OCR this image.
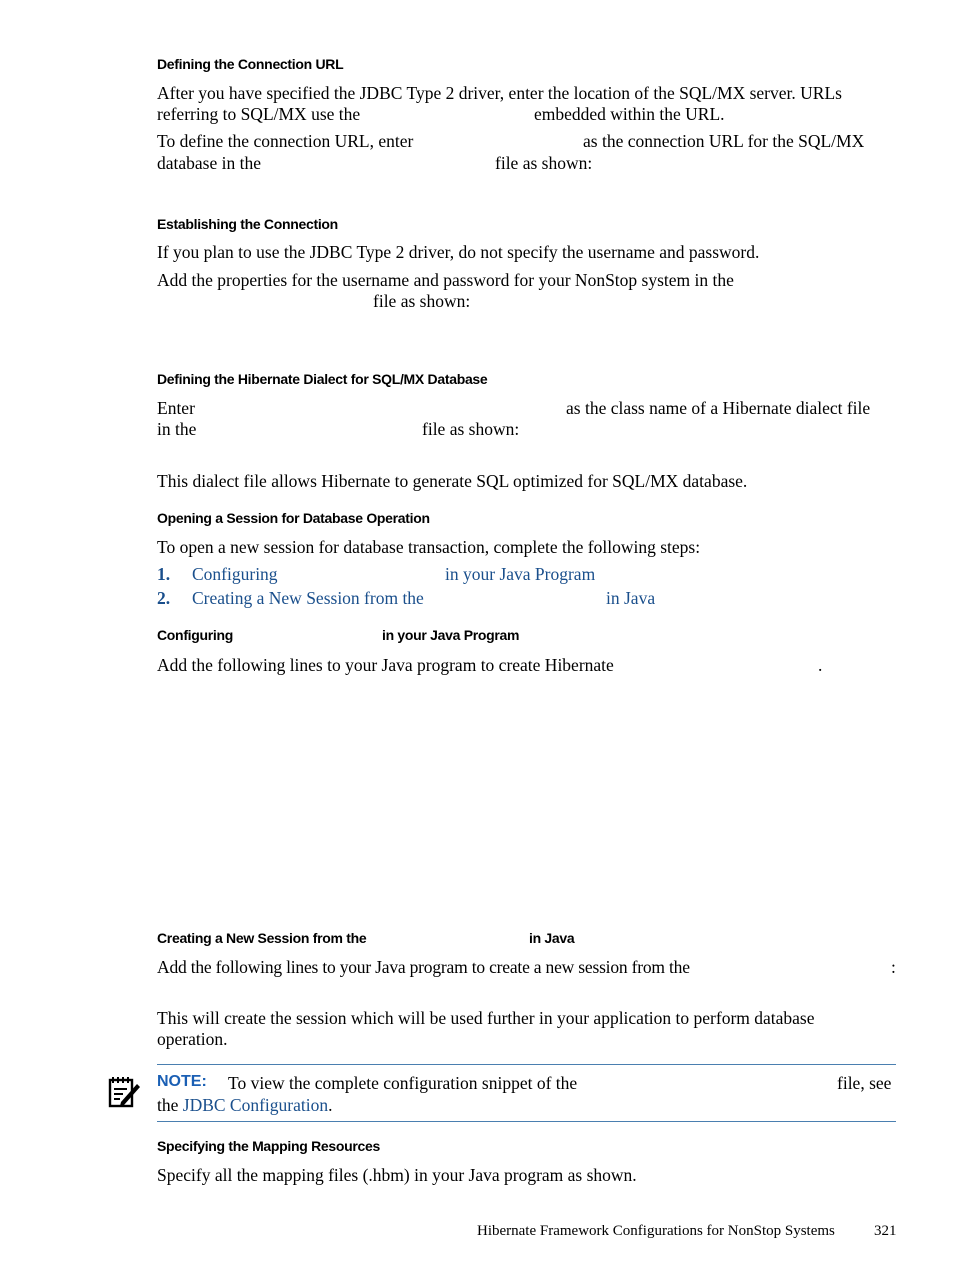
Defining the Connection URL
After you have specified the JDBC Type 2 driver, enter the location of the SQL/MX server. URLs
referring to SQL/MX use the	embedded within the URL.
To define the connection URL, enter	as the connection URL for the SQL/MX
database in the	file as shown:
Establishing the Connection
If you plan to use the JDBC Type 2 driver, do not specify the username and password.
Add the properties for the username and password for your NonStop system in the
file as shown:
Defining the Hibernate Dialect for SQL/MX Database
Enter	as the class name of a Hibernate dialect file
in the	file as shown:
This dialect file allows Hibernate to generate SQL optimized for SQL/MX database.
Opening a Session for Database Operation
To open a new session for database transaction, complete the following steps:
1. Configuring	in your Java Program
2. Creating a New Session from the	in Java
Configuring	in your Java Program
Add the following lines to your Java program to create Hibernate	.
Creating a New Session from the	in Java
Add the following lines to your Java program to create a new session from the	:
This will create the session which will be used further in your application to perform database
operation.
NOTE: To view the complete configuration snippet of the	file, see
the JDBC Configuration.
Specifying the Mapping Resources
Specify all the mapping files (.hbm) in your Java program as shown.
Hibernate Framework Configurations for NonStop Systems	321
